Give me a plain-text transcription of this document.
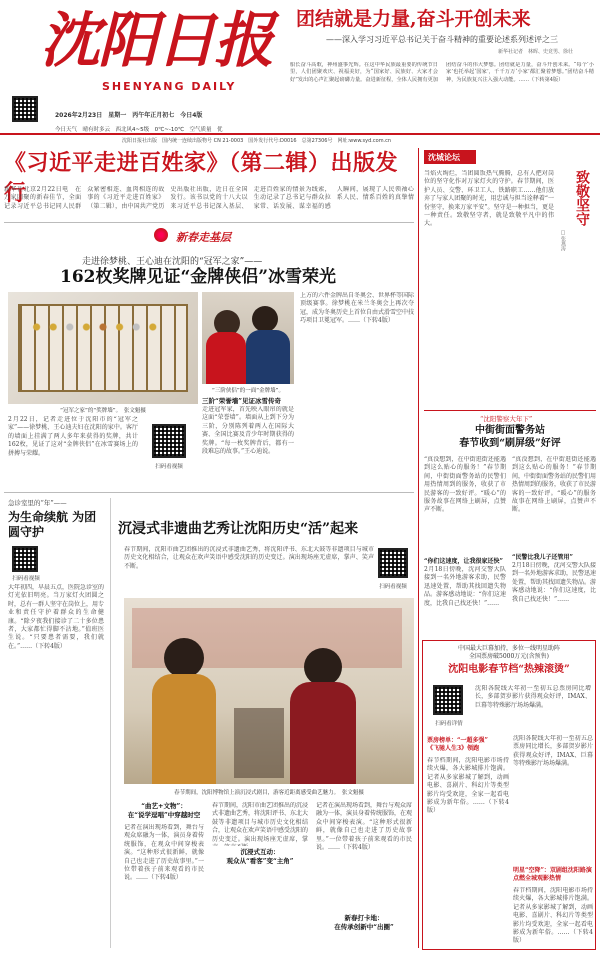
沈阳日报
SHENYANG DAILY
2026年2月23日　星期一　丙午年正月初七　今日4版
今日天气　晴有时多云　西北风4~5级　0℃~-10℃　空气质量　优
团结就是力量,奋斗开创未来
——深入学习习近平总书记关于奋斗精神的重要论述系列述评之三
新华社记者　林晖、史竞男、徐壮
船长奋斗高歌，神州盛事光辉。在这中华民族最重要的传统节日里，人们团聚欢庆、祝福美好，为“国家好、民族好、大家才会好”发出的心声汇聚起磅礴力量。奋进新征程，全体人民拥有更加团结奋斗的伟大梦想。团结就是力量，奋斗开创未来。“每个‘小家’也托举起‘国家’，千千万万‘小家’都汇聚着梦想。”团结奋斗精神，为民族复兴注入强大动能。……（下转第4版）
沈阳日报社出版　国内统一连续出版物号 CN 21-0003　国外发行代号:D0016　总第27306号　网址:www.syd.com.cn
《习近平走进百姓家》（第二辑）出版发行
新华社北京2月22日电　在万家团聚的新春佳节，全面记录习近平总书记同人民群众紧密相连、血肉相连的故事的《习近平走进百姓家》（第二辑），由中国共产党历史出版社出版，近日在全国发行。该书以党的十八大以来习近平总书记深入基层、走进百姓家的情景为线索，生动记录了总书记与群众拉家常、话发展、谋幸福的感人瞬间，展现了人民领袖心系人民、情系百姓的真挚情
新春走基层
走进徐梦桃、王心迪在沈阳的“冠军之家”——
162枚奖牌见证“金牌侠侣”冰雪荣光
“冠军之家”的“奖牌墙”。　张文魁摄
2月22日，记者走进位于沈阳市的“冠军之家”——徐梦桃、王心迪夫妇在沈阳的家中。客厅的墙面上挂满了两人多年来获得的奖牌，共计162枚，见证了这对“金牌侠侣”在冰雪赛场上的拼搏与荣耀。
扫码看视频
“三阶侠侣”的一面“金牌墙”。
三阶“荣誉墙”见证冰雪传奇
走进冠军家，首先映入眼帘的就是这面“荣誉墙”。墙面从上到下分为三阶，分别陈列着两人在国际大赛、全国比赛及青少年时期获得的奖牌。“每一枚奖牌背后，都有一段难忘的故事。”王心迪说。
上方的六件金牌出自冬奥会、世界杯等国际顶级赛事。徐梦桃在米兰冬奥会上再次夺冠，成为冬奥历史上首位自由式滑雪空中技巧项目卫冕冠军。……（下转4版）
急诊室里的“年”——
为生命续航 为团圆守护
扫码看视频
大年初四，早晨五点，医院急诊室的灯光依旧明亮。当万家灯火团圆之时，总有一群人坚守在岗位上，用专业和责任守护着群众的生命健康。“除夕夜我们接诊了二十多位患者，大家都忙得脚不沾地。”值班医生说。“只要患者需要，我们就在。”……（下转4版）
沉浸式非遗曲艺秀让沈阳历史“活”起来
春节期间，沈阳市曲艺团推出的沉浸式非遗曲艺秀，将沈阳评书、东北大鼓等非遗项目与城市历史文化相结合，让观众在欢声笑语中感受沈阳的历史变迁。演出现场座无虚席，掌声、笑声不断。
扫码看视频
春节期间，沈阳博物馆上演沉浸式剧目，游客近距离感受曲艺魅力。　张文魁摄
“曲艺+文物”：
在“说学逗唱”中穿越时空
记者在演出现场看到，舞台与观众席融为一体，演员身着传统服饰，在观众中间穿梭表演。“这种形式很新鲜，就像自己也走进了历史故事里。”一位带着孩子前来观看的市民说。……（下转4版）
沉浸式互动：
观众从“看客”变“主角”
春节期间，沈阳市曲艺团推出的沉浸式非遗曲艺秀，将沈阳评书、东北大鼓等非遗项目与城市历史文化相结合，让观众在欢声笑语中感受沈阳的历史变迁。演出现场座无虚席，掌
新春打卡地：
在传承创新中“出圈”
记者在演出现场看到，舞台与观众席融为一体，演员身着传统服饰，在观众中间穿梭表演。“这种形式很新鲜，就像自己也走进了历史故事里。”一位带着孩子前来观看的市民说。……（下转4版）
沈城论坛
致敬坚守
□张燕涛
当焰火绚烂，当团圆饭热气腾腾，总有人把对岗位的坚守化作对万家灯火的守护。春节期间，医护人员、交警、环卫工人、铁路职工……他们放弃了与家人团聚的时光，用忠诚与担当诠释着“一份坚守，换来万家平安”。坚守是一种担当，更是一种责任。致敬坚守者，就是致敬平凡中的伟大。
“沈阳警察大年下”
中街街面警务站
春节收到“刷屏级”好评
“真没想到，在中街逛街还能遇到这么贴心的服务！”春节期间，中街街面警务站的民警们用热情周到的服务，收获了市民游客的一致好评。“暖心”的服务故事在网络上刷屏，点赞声不断。
“你们这速度，让我很家还快”
2月18日傍晚，沈河交警大队接到一名外地游客求助，民警迅速处置，帮助其找回遗失物品。游客感动地说：“你们这速度，比我自己找还快！”……
“真没想到，在中街逛街还能遇到这么贴心的服务！”春节期间，中街街面警务站的民警们用热情周到的服务，收获了市民游客的一致好评。“暖心”的服务故事在网络上刷屏，点赞声不断。
“民警比我儿子还管用”
2月18日傍晚，沈河交警大队接到一名外地游客求助，民警迅速处置，帮助其找回遗失物品。游客感动地说：“你们这速度，比我自己找还快！”……
中国最大巨幕加持，多位一线明星助阵
全国票房破5000万元(含预售)
沈阳电影春节档“热辣滚烫”
扫码看详情
沈阳各院线大年初一至初五总票房同比增长，多部贺岁影片获得观众好评，IMAX、巨幕等特殊影厅场场爆满。
票房榜单：“一超多强”
《飞驰人生3》领跑
春节档期间，沈阳电影市场持续火爆，各大影城排片饱满。记者从多家影城了解到，动画电影、喜剧片、科幻片等类型影片均受欢迎，全家一起看电影成为新年俗。……（下转4版）
沈阳各院线大年初一至初五总票房同比增长，多部贺岁影片获得观众好评，IMAX、巨幕等特殊影厅场场爆满。
明星“空降”：双剧组沈阳路演点燃全城观影热情
春节档期间，沈阳电影市场持续火爆，各大影城排片饱满。记者从多家影城了解到，动画电影、喜剧片、科幻片等类型影片均受欢迎，全家一起看电影成为新年俗。……（下转4版）
